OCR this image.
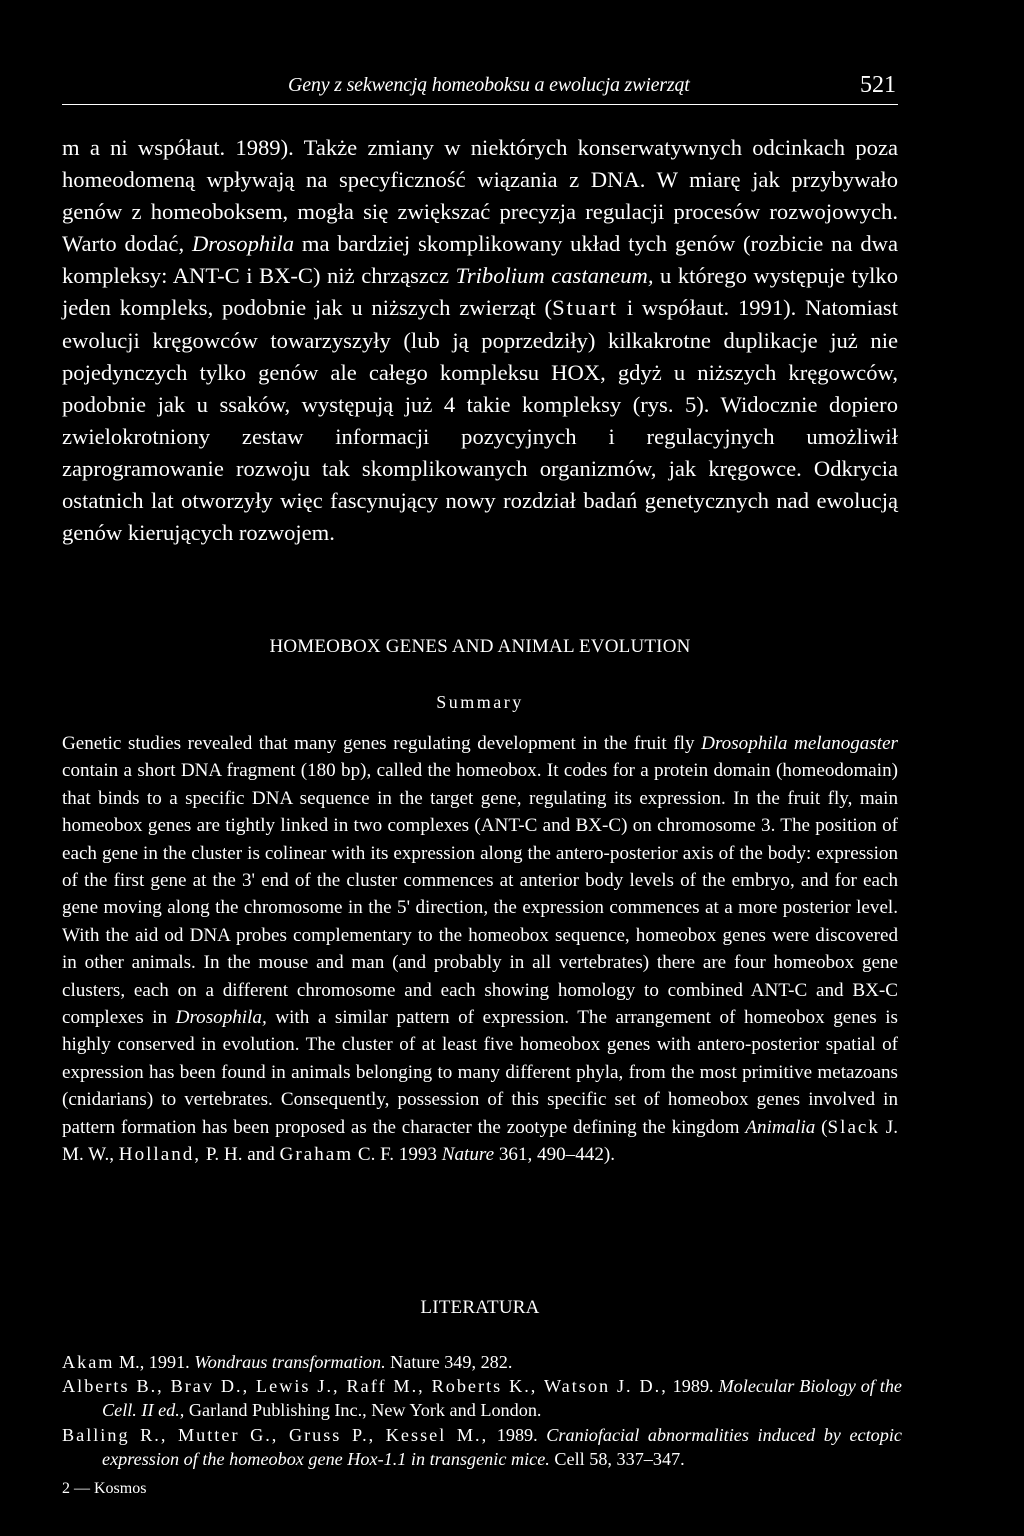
Geny z sekwencją homeoboksu a ewolucja zwierząt	521

m a ni współaut. 1989). Także zmiany w niektórych konserwatywnych odcinkach poza homeodomeną wpływają na specyficzność wiązania z DNA. W miarę jak przybywało genów z homeoboksem, mogła się zwiększać precyzja regulacji procesów rozwojowych. Warto dodać, Drosophila ma bardziej skomplikowany układ tych genów (rozbicie na dwa kompleksy: ANT-C i BX-C) niż chrząszcz Tribolium castaneum, u którego występuje tylko jeden kompleks, podobnie jak u niższych zwierząt (Stuart i współaut. 1991). Natomiast ewolucji kręgowców towarzyszyły (lub ją poprzedziły) kilkakrotne duplikacje już nie pojedynczych tylko genów ale całego kompleksu HOX, gdyż u niższych kręgowców, podobnie jak u ssaków, występują już 4 takie kompleksy (rys. 5). Widocznie dopiero zwielokrotniony zestaw informacji pozycyjnych i regulacyjnych umożliwił zaprogramowanie rozwoju tak skomplikowanych organizmów, jak kręgowce. Odkrycia ostatnich lat otworzyły więc fascynujący nowy rozdział badań genetycznych nad ewolucją genów kierujących rozwojem.

HOMEOBOX GENES AND ANIMAL EVOLUTION
Summary

Genetic studies revealed that many genes regulating development in the fruit fly Drosophila melanogaster contain a short DNA fragment (180 bp), called the homeobox. It codes for a protein domain (homeodomain) that binds to a specific DNA sequence in the target gene, regulating its expression. In the fruit fly, main homeobox genes are tightly linked in two complexes (ANT-C and BX-C) on chromosome 3. The position of each gene in the cluster is colinear with its expression along the antero-posterior axis of the body: expression of the first gene at the 3' end of the cluster commences at anterior body levels of the embryo, and for each gene moving along the chromosome in the 5' direction, the expression commences at a more posterior level. With the aid od DNA probes complementary to the homeobox sequence, homeobox genes were discovered in other animals. In the mouse and man (and probably in all vertebrates) there are four homeobox gene clusters, each on a different chromosome and each showing homology to combined ANT-C and BX-C complexes in Drosophila, with a similar pattern of expression. The arrangement of homeobox genes is highly conserved in evolution. The cluster of at least five homeobox genes with antero-posterior spatial of expression has been found in animals belonging to many different phyla, from the most primitive metazoans (cnidarians) to vertebrates. Consequently, possession of this specific set of homeobox genes involved in pattern formation has been proposed as the character the zootype defining the kingdom Animalia (Slack J. M. W., Holland, P. H. and Graham C. F. 1993 Nature 361, 490–442).

LITERATURA

Akam M., 1991. Wondraus transformation. Nature 349, 282.

Alberts B., Brav D., Lewis J., Raff M., Roberts K., Watson J. D., 1989. Molecular Biology of the Cell. II ed., Garland Publishing Inc., New York and London.

Balling R., Mutter G., Gruss P., Kessel M., 1989. Craniofacial abnormalities induced by ectopic expression of the homeobox gene Hox-1.1 in transgenic mice. Cell 58, 337–347.

2 — Kosmos
